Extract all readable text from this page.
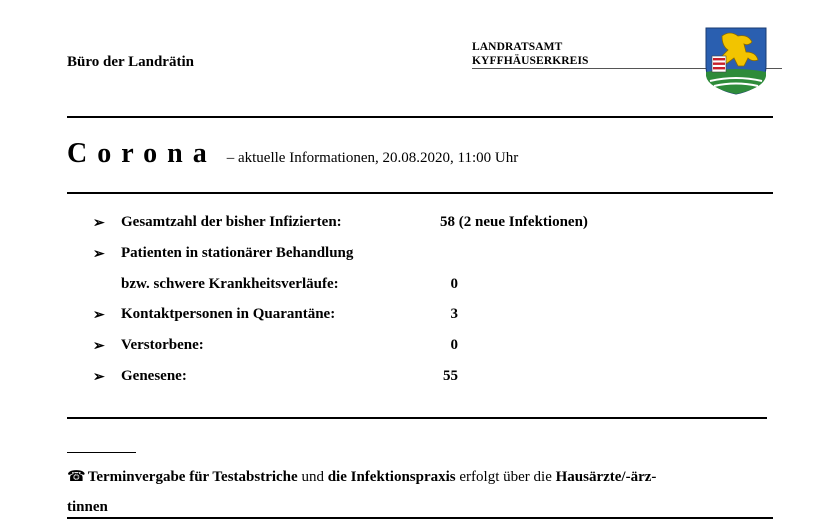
Büro der Landrätin
LANDRATSAMT
KYFFHÄUSERKREIS
Corona – aktuelle Informationen, 20.08.2020, 11:00 Uhr
➢ Gesamtzahl der bisher Infizierten:	58 (2 neue Infektionen)
➢ Patienten in stationärer Behandlung
bzw. schwere Krankheitsverläufe:	0
➢ Kontaktpersonen in Quarantäne:	3
➢ Verstorbene:	0
➢ Genesene:	55
☎ Terminvergabe für Testabstriche und die Infektionspraxis erfolgt über die Hausärzte/-ärz-
tinnen
